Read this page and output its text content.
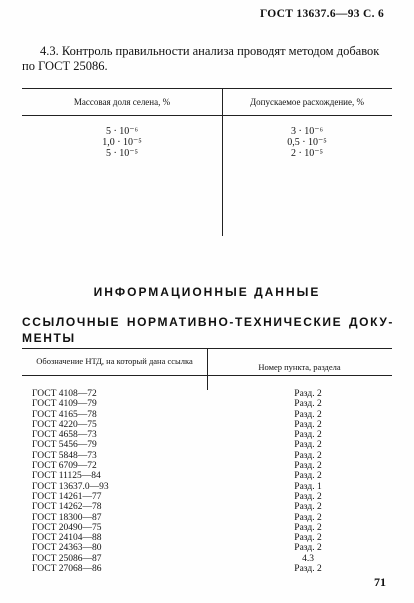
ГОСТ 13637.6—93 С. 6
4.3. Контроль правильности анализа проводят методом добавок по ГОСТ 25086.
Массовая доля селена, %	Допускаемое расхождение, %
5 · 10⁻⁶
1,0 · 10⁻⁵
5 · 10⁻⁵
3 · 10⁻⁶
0,5 · 10⁻⁵
2 · 10⁻⁵
ИНФОРМАЦИОННЫЕ ДАННЫЕ
ССЫЛОЧНЫЕ НОРМАТИВНО-ТЕХНИЧЕСКИЕ ДОКУ-
МЕНТЫ
Обозначение НТД, на который дана ссылка
Номер пункта, раздела
ГОСТ 4108—72
ГОСТ 4109—79
ГОСТ 4165—78
ГОСТ 4220—75
ГОСТ 4658—73
ГОСТ 5456—79
ГОСТ 5848—73
ГОСТ 6709—72
ГОСТ 11125—84
ГОСТ 13637.0—93
ГОСТ 14261—77
ГОСТ 14262—78
ГОСТ 18300—87
ГОСТ 20490—75
ГОСТ 24104—88
ГОСТ 24363—80
ГОСТ 25086—87
ГОСТ 27068—86
Разд. 2
Разд. 2
Разд. 2
Разд. 2
Разд. 2
Разд. 2
Разд. 2
Разд. 2
Разд. 2
Разд. 1
Разд. 2
Разд. 2
Разд. 2
Разд. 2
Разд. 2
Разд. 2
4.3
Разд. 2
71
